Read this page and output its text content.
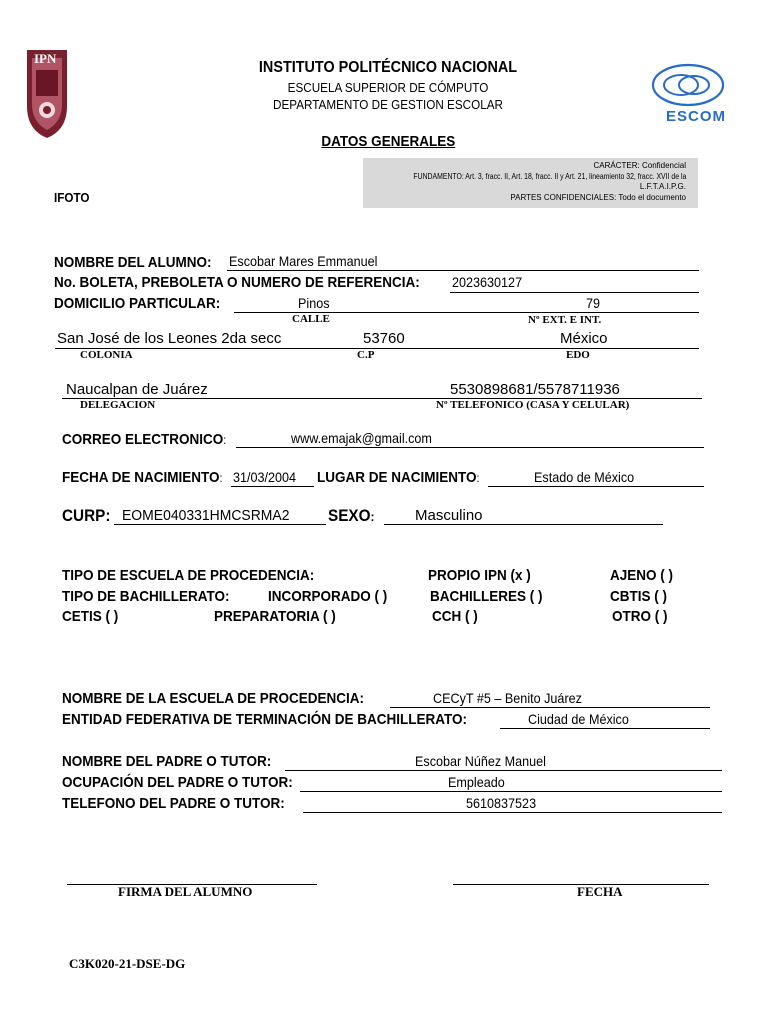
IPN
ESCOM
INSTITUTO POLITÉCNICO NACIONAL
ESCUELA SUPERIOR DE CÓMPUTO
DEPARTAMENTO DE GESTION ESCOLAR
DATOS GENERALES
CARÁCTER: Confidencial
FUNDAMENTO: Art. 3, fracc. II, Art. 18, fracc. II y Art. 21, lineamiento 32, fracc. XVII de la
L.F.T.A.I.P.G.
PARTES CONFIDENCIALES: Todo el documento
IFOTO
NOMBRE DEL ALUMNO: Escobar Mares Emmanuel
No. BOLETA, PREBOLETA O NUMERO DE REFERENCIA: 2023630127
DOMICILIO PARTICULAR:	Pinos	79
CALLE	Nº EXT. E INT.
San José de los Leones 2da secc	53760	México
COLONIA	C.P	EDO
Naucalpan de Juárez	5530898681/5578711936
DELEGACION	Nº TELEFONICO (CASA Y CELULAR)
CORREO ELECTRONICO:	www.emajak@gmail.com
FECHA DE NACIMIENTO: 31/03/2004 LUGAR DE NACIMIENTO:	Estado de México
CURP: EOME040331HMCSRMA2 SEXO:	Masculino
TIPO DE ESCUELA DE PROCEDENCIA:	PROPIO IPN (x )	AJENO ( )
TIPO DE BACHILLERATO:	INCORPORADO ( )	BACHILLERES ( )	CBTIS ( )
CETIS ( )	PREPARATORIA ( )	CCH ( )	OTRO ( )
NOMBRE DE LA ESCUELA DE PROCEDENCIA:	CECyT #5 – Benito Juárez
ENTIDAD FEDERATIVA DE TERMINACIÓN DE BACHILLERATO:	Ciudad de México
NOMBRE DEL PADRE O TUTOR:	Escobar Núñez Manuel
OCUPACIÓN DEL PADRE O TUTOR:	Empleado
TELEFONO DEL PADRE O TUTOR:	5610837523
FIRMA DEL ALUMNO	FECHA
C3K020-21-DSE-DG
